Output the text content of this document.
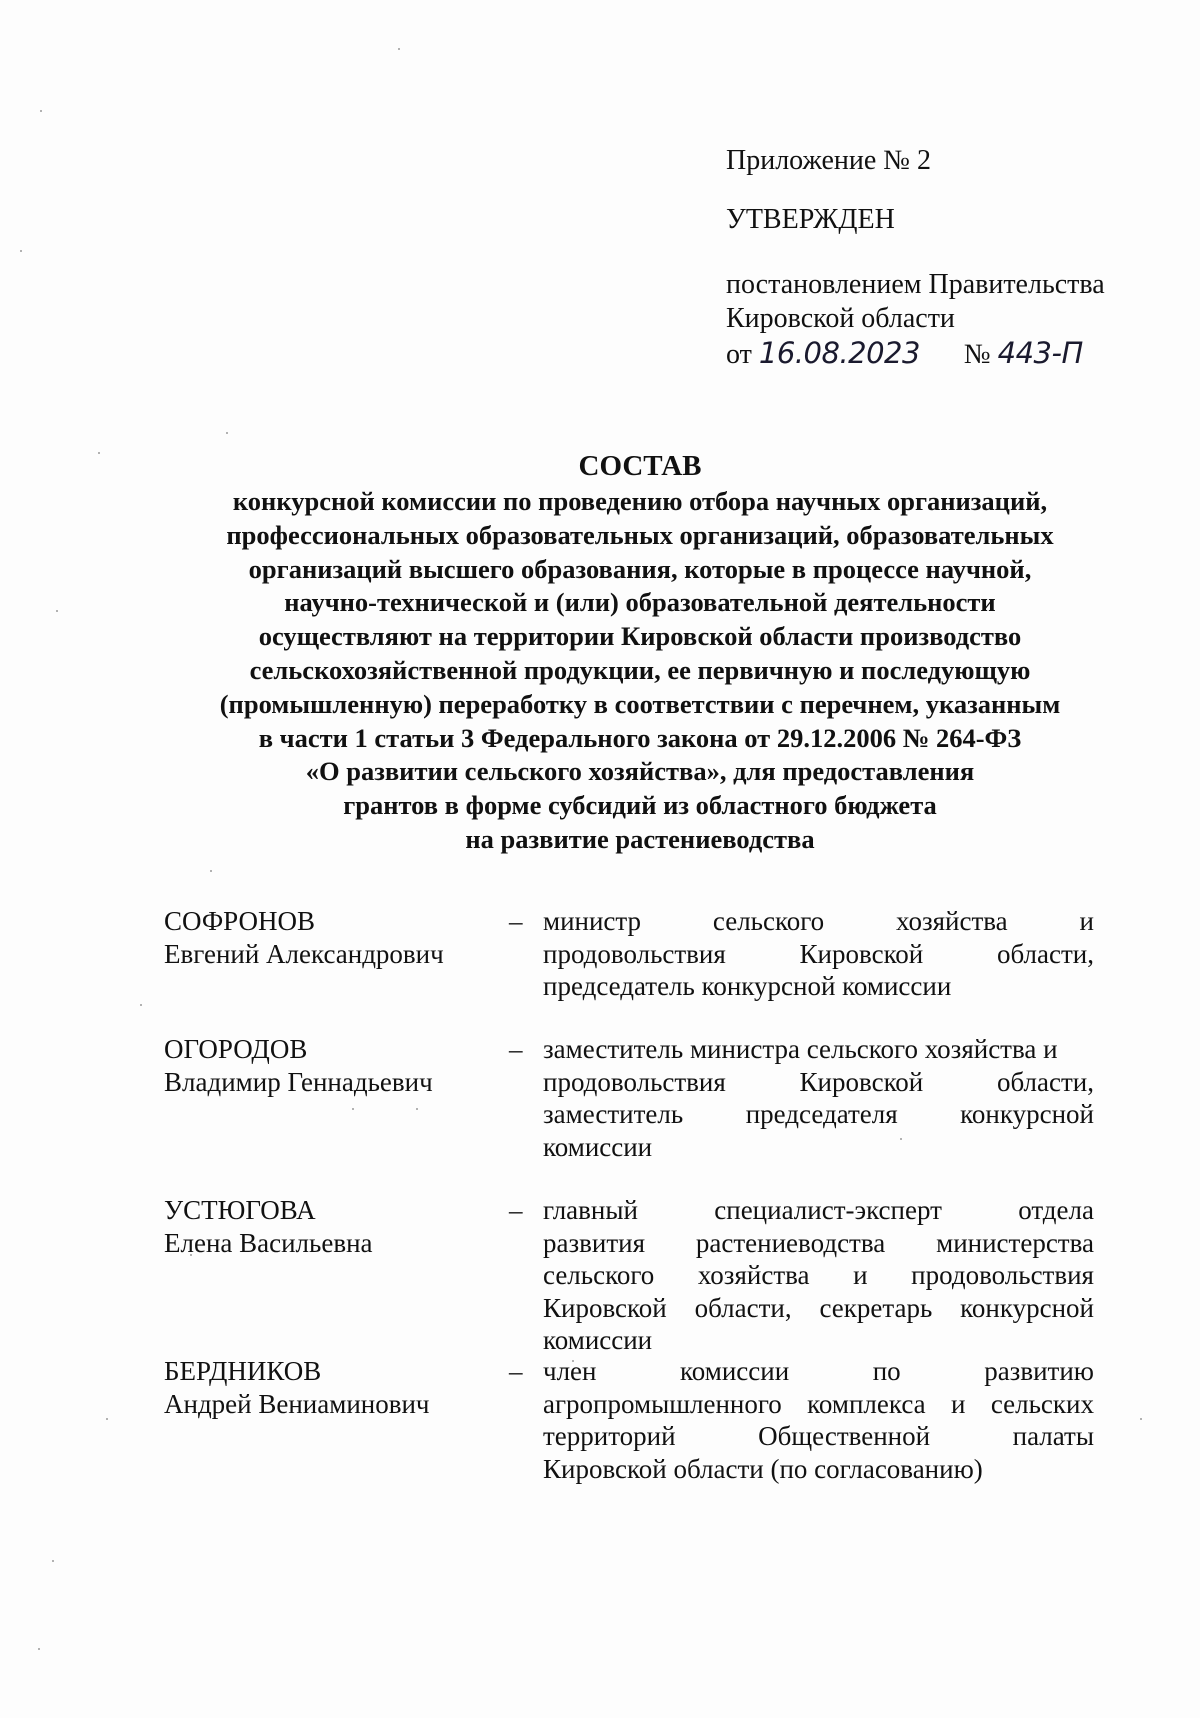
Приложение № 2

УТВЕРЖДЕН

постановлением Правительства

Кировской области

от 16.08.2023 № 443-П

СОСТАВ

конкурсной комиссии по проведению отбора научных организаций,

профессиональных образовательных организаций, образовательных

организаций высшего образования, которые в процессе научной,

научно-технической и (или) образовательной деятельности

осуществляют на территории Кировской области производство

сельскохозяйственной продукции, ее первичную и последующую

(промышленную) переработку в соответствии с перечнем, указанным

в части 1 статьи 3 Федерального закона от 29.12.2006 № 264-ФЗ

«О развитии сельского хозяйства», для предоставления

грантов в форме субсидий из областного бюджета

на развитие растениеводства

СОФРОНОВ
Евгений Александрович
– министр	сельского	хозяйства	и
продовольствия	Кировской	области,
председатель конкурсной комиссии
ОГОРОДОВ
Владимир Геннадьевич
– заместитель министра сельского хозяйства и
продовольствия	Кировской	области,
заместитель председателя конкурсной
комиссии
УСТЮГОВА
Елена Васильевна
– главный	специалист-эксперт	отдела
развития растениеводства министерства
сельского хозяйства и продовольствия
Кировской области, секретарь конкурсной
комиссии
БЕРДНИКОВ
Андрей Вениаминович
– член	комиссии	по	развитию
агропромышленного комплекса и сельских
территорий	Общественной	палаты
Кировской области (по согласованию)
